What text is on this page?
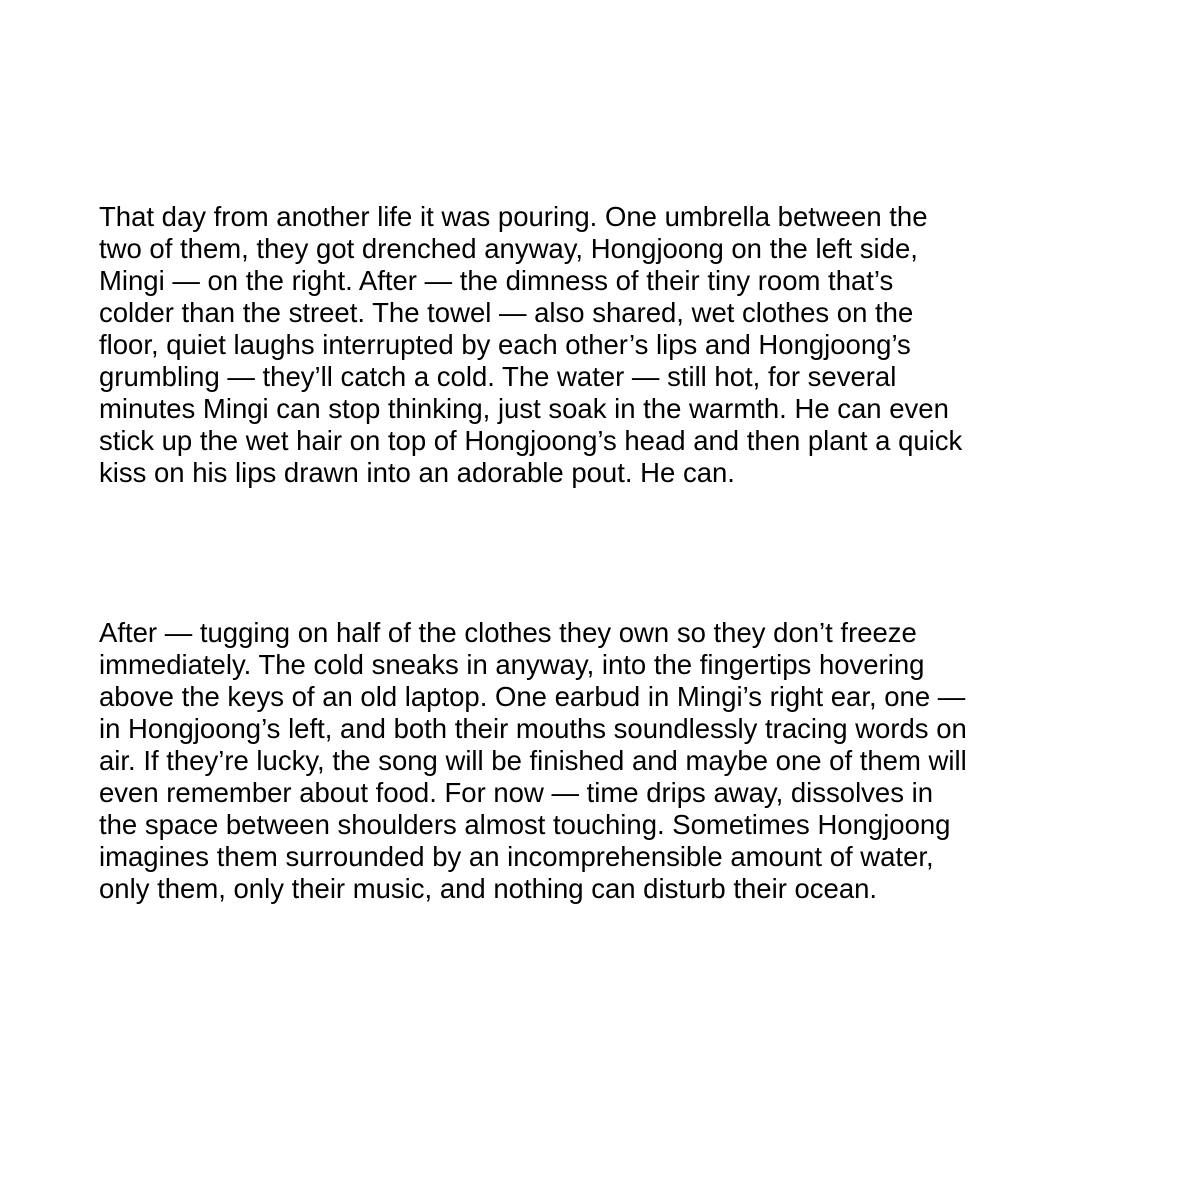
That day from another life it was pouring. One umbrella between the
two of them, they got drenched anyway, Hongjoong on the left side,
Mingi — on the right. After — the dimness of their tiny room that’s
colder than the street. The towel — also shared, wet clothes on the
floor, quiet laughs interrupted by each other’s lips and Hongjoong’s
grumbling — they’ll catch a cold. The water — still hot, for several
minutes Mingi can stop thinking, just soak in the warmth. He can even
stick up the wet hair on top of Hongjoong’s head and then plant a quick
kiss on his lips drawn into an adorable pout. He can.
After — tugging on half of the clothes they own so they don’t freeze
immediately. The cold sneaks in anyway, into the fingertips hovering
above the keys of an old laptop. One earbud in Mingi’s right ear, one —
in Hongjoong’s left, and both their mouths soundlessly tracing words on
air. If they’re lucky, the song will be finished and maybe one of them will
even remember about food. For now — time drips away, dissolves in
the space between shoulders almost touching. Sometimes Hongjoong
imagines them surrounded by an incomprehensible amount of water,
only them, only their music, and nothing can disturb their ocean.
